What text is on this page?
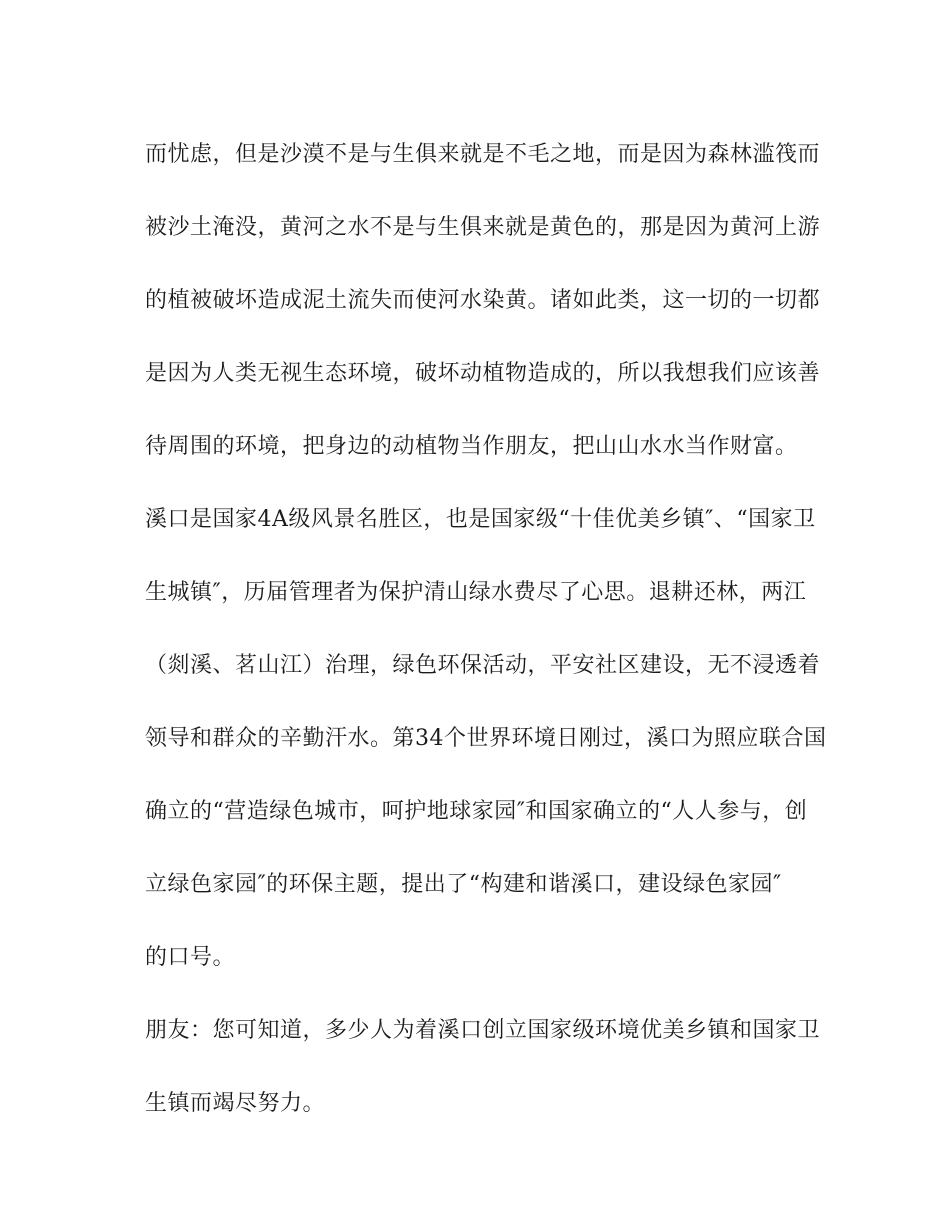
而忧虑，但是沙漠不是与生俱来就是不毛之地，而是因为森林滥筏而
被沙土淹没，黄河之水不是与生俱来就是黄色的，那是因为黄河上游
的植被破坏造成泥土流失而使河水染黄。诸如此类，这一切的一切都
是因为人类无视生态环境，破坏动植物造成的，所以我想我们应该善
待周围的环境，把身边的动植物当作朋友，把山山水水当作财富。
溪口是国家4A级风景名胜区，也是国家级“十佳优美乡镇″、“国家卫
生城镇″，历届管理者为保护清山绿水费尽了心思。退耕还林，两江
（剡溪、茗山江）治理，绿色环保活动，平安社区建设，无不浸透着
领导和群众的辛勤汗水。第34个世界环境日刚过，溪口为照应联合国
确立的“营造绿色城市，呵护地球家园″和国家确立的“人人参与，创
立绿色家园″的环保主题，提出了“构建和谐溪口，建设绿色家园″
的口号。
朋友：您可知道，多少人为着溪口创立国家级环境优美乡镇和国家卫
生镇而竭尽努力。
